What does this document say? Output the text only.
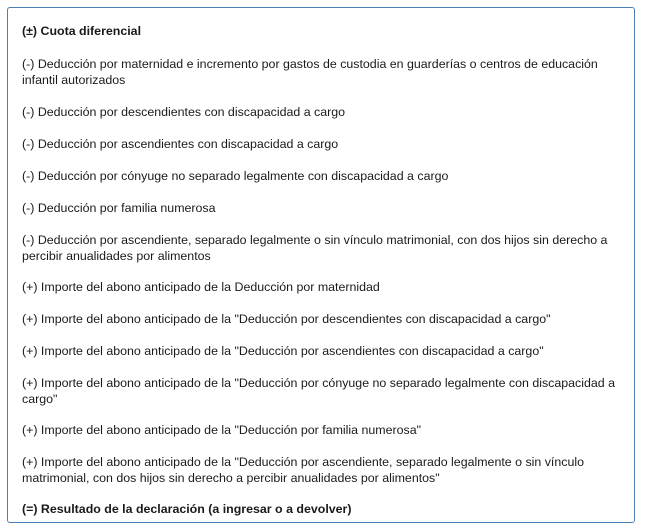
(±) Cuota diferencial

(-) Deducción por maternidad e incremento por gastos de custodia en guarderías o centros de educación infantil autorizados

(-) Deducción por descendientes con discapacidad a cargo

(-) Deducción por ascendientes con discapacidad a cargo

(-) Deducción por cónyuge no separado legalmente con discapacidad a cargo

(-) Deducción por familia numerosa

(-) Deducción por ascendiente, separado legalmente o sin vínculo matrimonial, con dos hijos sin derecho a percibir anualidades por alimentos

(+) Importe del abono anticipado de la Deducción por maternidad

(+) Importe del abono anticipado de la "Deducción por descendientes con discapacidad a cargo"

(+) Importe del abono anticipado de la "Deducción por ascendientes con discapacidad a cargo"

(+) Importe del abono anticipado de la "Deducción por cónyuge no separado legalmente con discapacidad a cargo"

(+) Importe del abono anticipado de la "Deducción por familia numerosa"

(+) Importe del abono anticipado de la "Deducción por ascendiente, separado legalmente o sin vínculo matrimonial, con dos hijos sin derecho a percibir anualidades por alimentos"

(=) Resultado de la declaración (a ingresar o a devolver)
